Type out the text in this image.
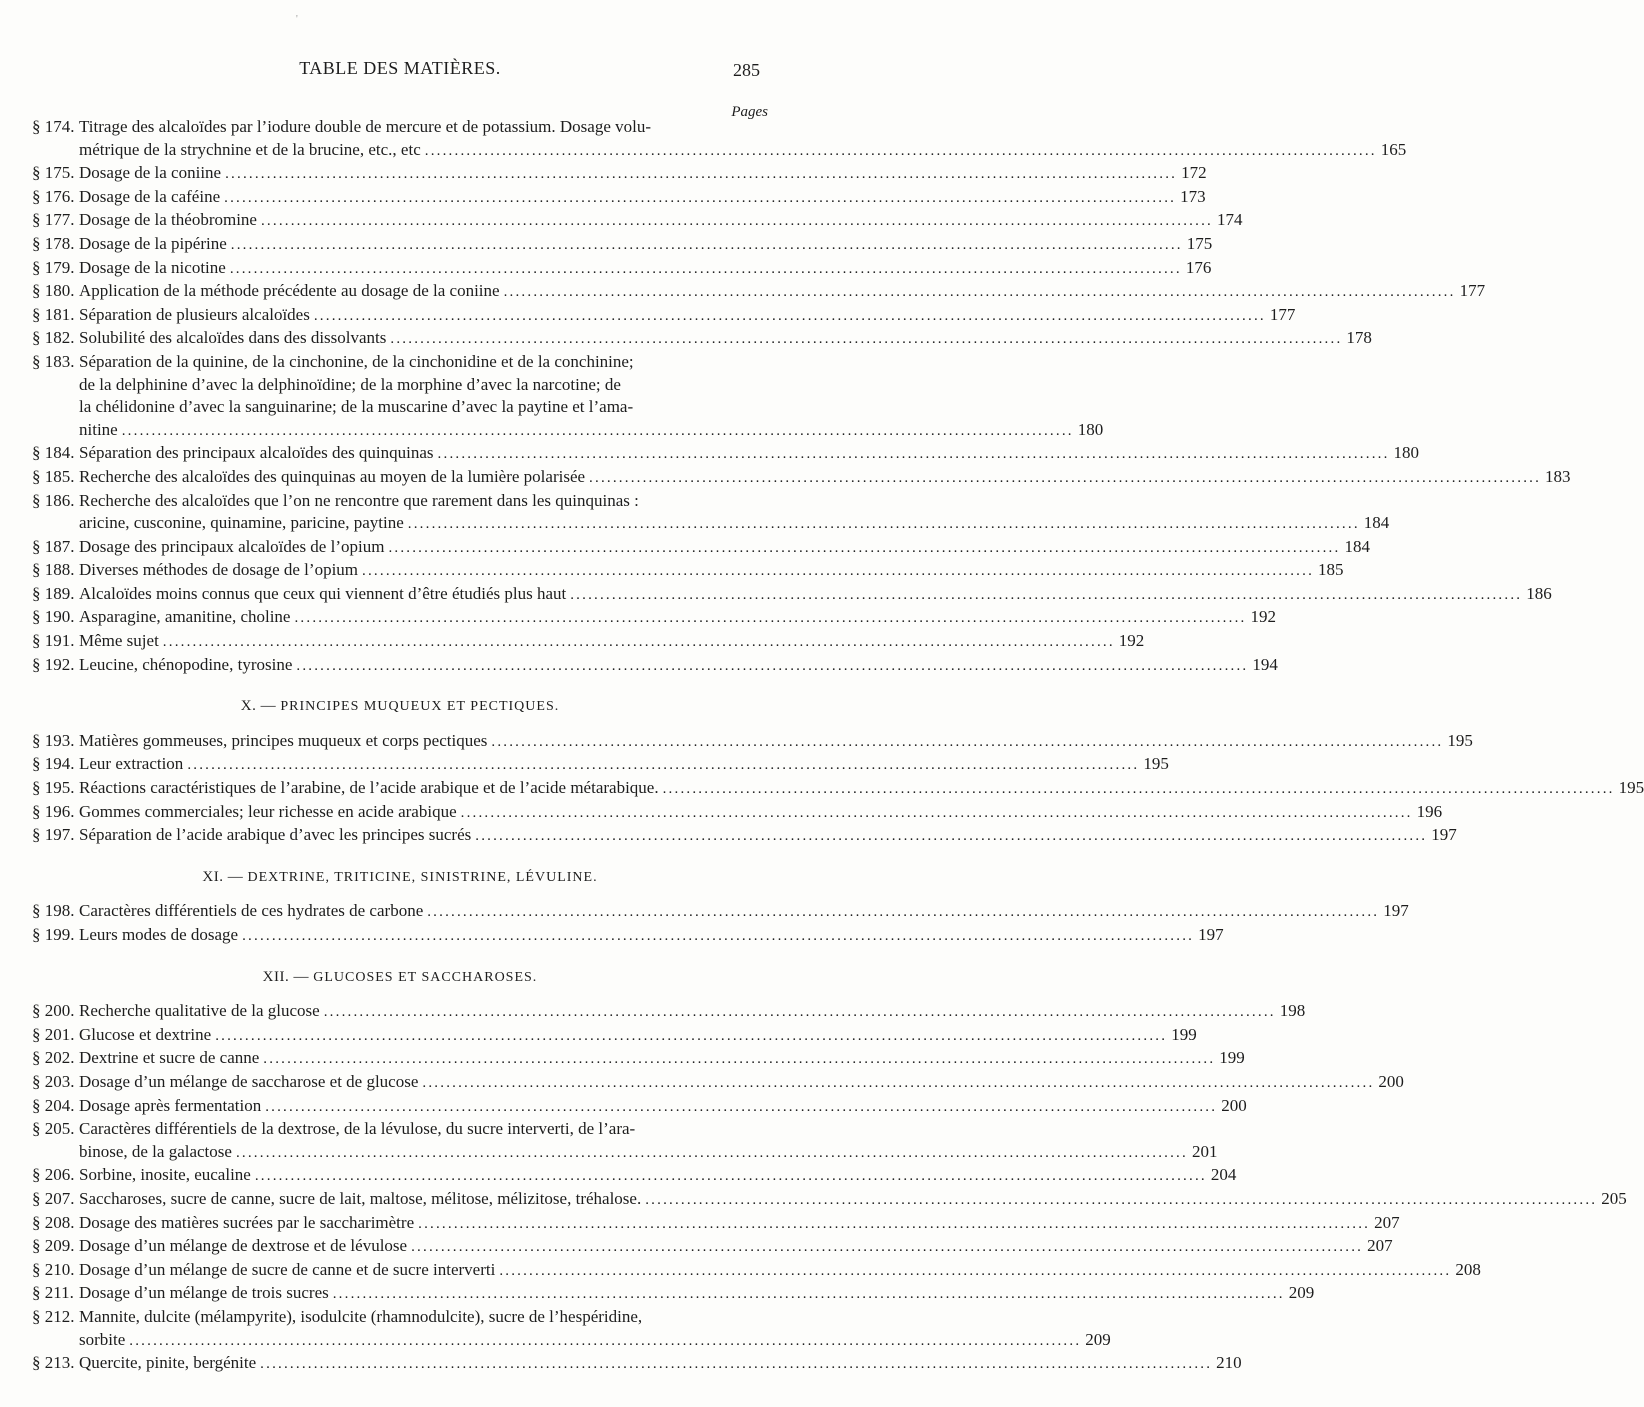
'
TABLE DES MATIÈRES.	285
Pages
§ 174. Titrage des alcaloïdes par l’iodure double de mercure et de potassium. Dosage volu-
métrique de la strychnine et de la brucine, etc., etc ................................................................................................................................................................ 165
§ 175. Dosage de la coniine ................................................................................................................................................................ 172
§ 176. Dosage de la caféine ................................................................................................................................................................ 173
§ 177. Dosage de la théobromine ................................................................................................................................................................ 174
§ 178. Dosage de la pipérine ................................................................................................................................................................ 175
§ 179. Dosage de la nicotine ................................................................................................................................................................ 176
§ 180. Application de la méthode précédente au dosage de la coniine ................................................................................................................................................................ 177
§ 181. Séparation de plusieurs alcaloïdes ................................................................................................................................................................ 177
§ 182. Solubilité des alcaloïdes dans des dissolvants ................................................................................................................................................................ 178
§ 183. Séparation de la quinine, de la cinchonine, de la cinchonidine et de la conchinine;
de la delphinine d’avec la delphinoïdine; de la morphine d’avec la narcotine; de
la chélidonine d’avec la sanguinarine; de la muscarine d’avec la paytine et l’ama-
nitine ................................................................................................................................................................ 180
§ 184. Séparation des principaux alcaloïdes des quinquinas ................................................................................................................................................................ 180
§ 185. Recherche des alcaloïdes des quinquinas au moyen de la lumière polarisée ................................................................................................................................................................ 183
§ 186. Recherche des alcaloïdes que l’on ne rencontre que rarement dans les quinquinas :
aricine, cusconine, quinamine, paricine, paytine ................................................................................................................................................................ 184
§ 187. Dosage des principaux alcaloïdes de l’opium ................................................................................................................................................................ 184
§ 188. Diverses méthodes de dosage de l’opium ................................................................................................................................................................ 185
§ 189. Alcaloïdes moins connus que ceux qui viennent d’être étudiés plus haut ................................................................................................................................................................ 186
§ 190. Asparagine, amanitine, choline ................................................................................................................................................................ 192
§ 191. Même sujet ................................................................................................................................................................ 192
§ 192. Leucine, chénopodine, tyrosine ................................................................................................................................................................ 194
X. — PRINCIPES MUQUEUX ET PECTIQUES.
§ 193. Matières gommeuses, principes muqueux et corps pectiques ................................................................................................................................................................ 195
§ 194. Leur extraction ................................................................................................................................................................ 195
§ 195. Réactions caractéristiques de l’arabine, de l’acide arabique et de l’acide métarabique. ................................................................................................................................................................ 195
§ 196. Gommes commerciales; leur richesse en acide arabique ................................................................................................................................................................ 196
§ 197. Séparation de l’acide arabique d’avec les principes sucrés ................................................................................................................................................................ 197
XI. — DEXTRINE, TRITICINE, SINISTRINE, LÉVULINE.
§ 198. Caractères différentiels de ces hydrates de carbone ................................................................................................................................................................ 197
§ 199. Leurs modes de dosage ................................................................................................................................................................ 197
XII. — GLUCOSES ET SACCHAROSES.
§ 200. Recherche qualitative de la glucose ................................................................................................................................................................ 198
§ 201. Glucose et dextrine ................................................................................................................................................................ 199
§ 202. Dextrine et sucre de canne ................................................................................................................................................................ 199
§ 203. Dosage d’un mélange de saccharose et de glucose ................................................................................................................................................................ 200
§ 204. Dosage après fermentation ................................................................................................................................................................ 200
§ 205. Caractères différentiels de la dextrose, de la lévulose, du sucre interverti, de l’ara-
binose, de la galactose ................................................................................................................................................................ 201
§ 206. Sorbine, inosite, eucaline ................................................................................................................................................................ 204
§ 207. Saccharoses, sucre de canne, sucre de lait, maltose, mélitose, mélizitose, tréhalose. ................................................................................................................................................................ 205
§ 208. Dosage des matières sucrées par le saccharimètre ................................................................................................................................................................ 207
§ 209. Dosage d’un mélange de dextrose et de lévulose ................................................................................................................................................................ 207
§ 210. Dosage d’un mélange de sucre de canne et de sucre interverti ................................................................................................................................................................ 208
§ 211. Dosage d’un mélange de trois sucres ................................................................................................................................................................ 209
§ 212. Mannite, dulcite (mélampyrite), isodulcite (rhamnodulcite), sucre de l’hespéridine,
sorbite ................................................................................................................................................................ 209
§ 213. Quercite, pinite, bergénite ................................................................................................................................................................ 210
